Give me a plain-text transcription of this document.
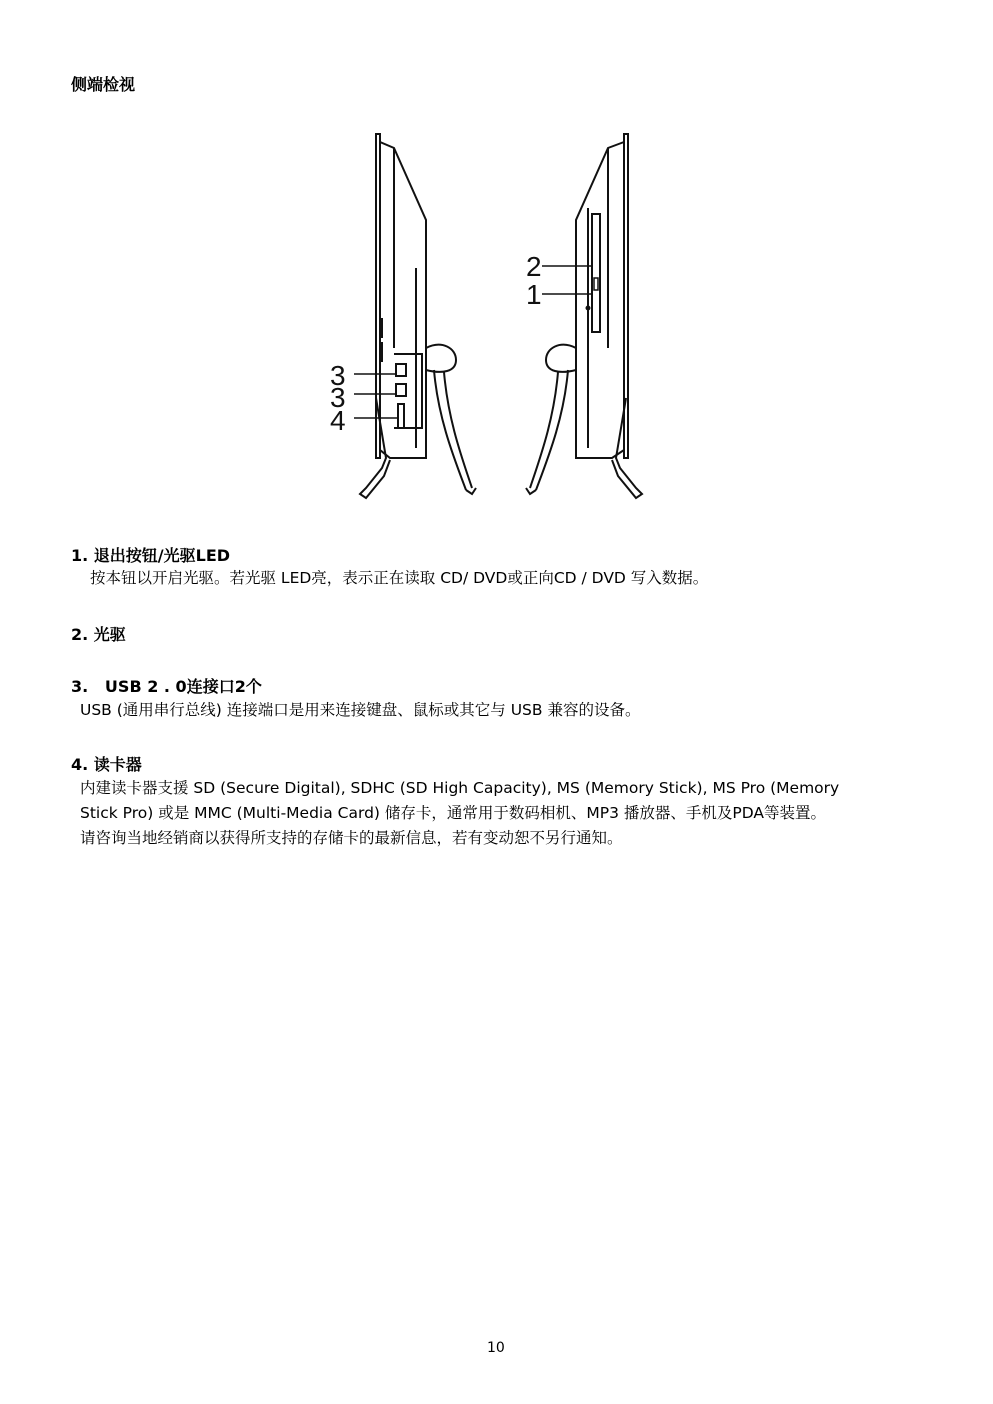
侧端检视
3
3
4
2
1
1. 退出按钮/光驱LED
按本钮以开启光驱。若光驱 LED亮，表示正在读取 CD/ DVD或正向CD / DVD 写入数据。
2. 光驱
3.   USB 2 . 0连接口2个
USB (通用串行总线) 连接端口是用来连接键盘、鼠标或其它与 USB 兼容的设备。
4. 读卡器
内建读卡器支援 SD (Secure Digital), SDHC (SD High Capacity), MS (Memory Stick), MS Pro (Memory
Stick Pro) 或是 MMC (Multi-Media Card) 储存卡，通常用于数码相机、MP3 播放器、手机及PDA等装置。
请咨询当地经销商以获得所支持的存储卡的最新信息，若有变动恕不另行通知。
10
